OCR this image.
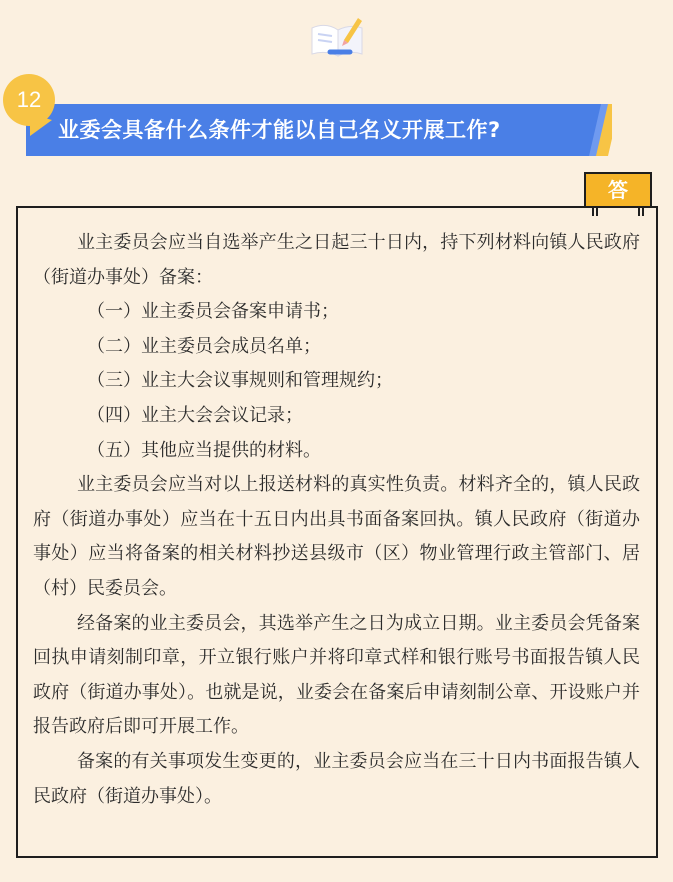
12
业委会具备什么条件才能以自己名义开展工作?
答

业主委员会应当自选举产生之日起三十日内，持下列材料向镇人民政府（街道办事处）备案：

（一）业主委员会备案申请书；

（二）业主委员会成员名单；

（三）业主大会议事规则和管理规约；

（四）业主大会会议记录；

（五）其他应当提供的材料。

业主委员会应当对以上报送材料的真实性负责。材料齐全的，镇人民政府（街道办事处）应当在十五日内出具书面备案回执。镇人民政府（街道办事处）应当将备案的相关材料抄送县级市（区）物业管理行政主管部门、居（村）民委员会。

经备案的业主委员会，其选举产生之日为成立日期。业主委员会凭备案回执申请刻制印章，开立银行账户并将印章式样和银行账号书面报告镇人民政府（街道办事处）。也就是说，业委会在备案后申请刻制公章、开设账户并报告政府后即可开展工作。

备案的有关事项发生变更的，业主委员会应当在三十日内书面报告镇人民政府（街道办事处）。
